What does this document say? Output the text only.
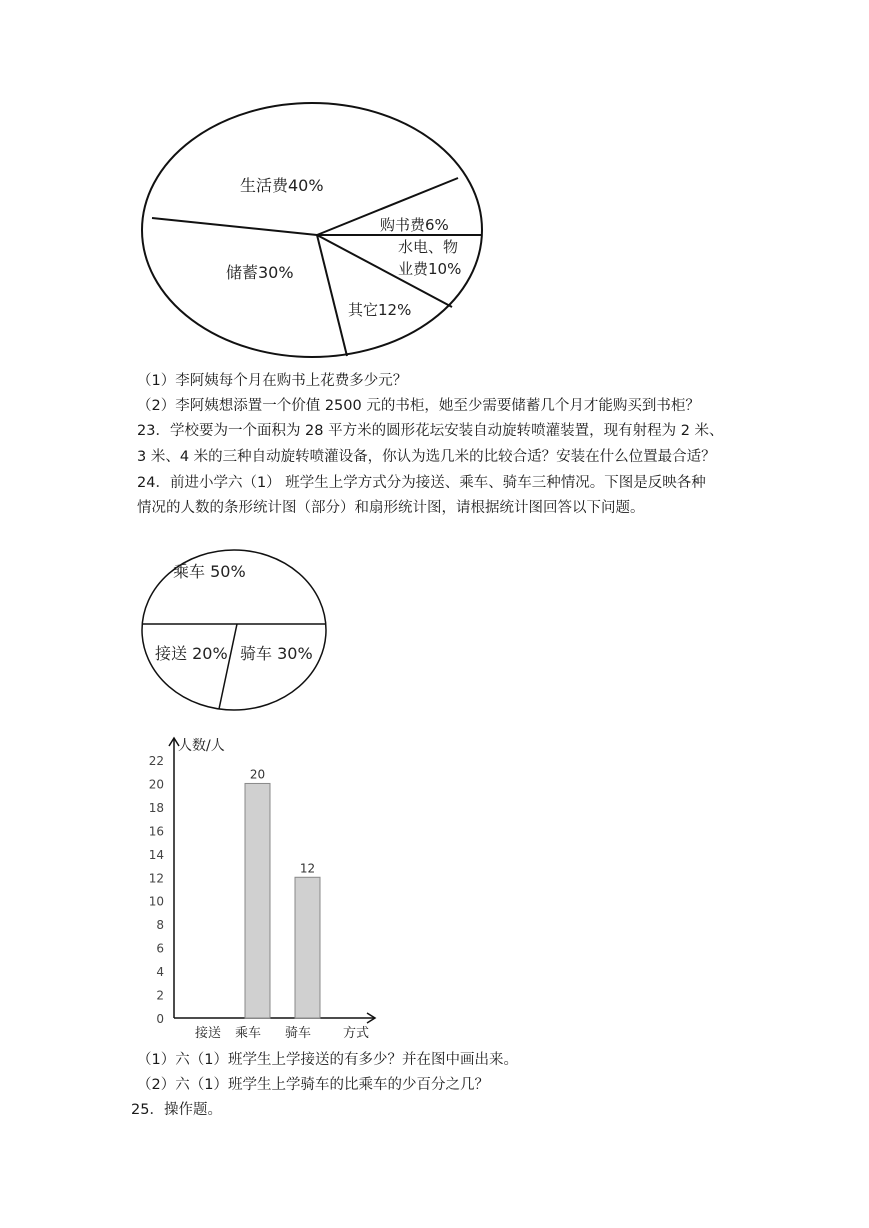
生活费40%
购书费6%
水电、物
业费10%
其它12%
储蓄30%
（1）李阿姨每个月在购书上花费多少元？
（2）李阿姨想添置一个价值 2500 元的书柜，她至少需要储蓄几个月才能购买到书柜？
23．学校要为一个面积为 28 平方米的圆形花坛安装自动旋转喷灌装置，现有射程为 2 米、
3 米、4 米的三种自动旋转喷灌设备，你认为选几米的比较合适？安装在什么位置最合适？
24．前进小学六（1） 班学生上学方式分为接送、乘车、骑车三种情况。下图是反映各种
情况的人数的条形统计图（部分）和扇形统计图，请根据统计图回答以下问题。
乘车 50%
接送 20% 骑车 30%
人数/人
方式
0
2
4
6
8
10
12
14
16
18
20
22
接送 乘车 骑车
20
12
（1）六（1）班学生上学接送的有多少？并在图中画出来。
（2）六（1）班学生上学骑车的比乘车的少百分之几？
25．操作题。
